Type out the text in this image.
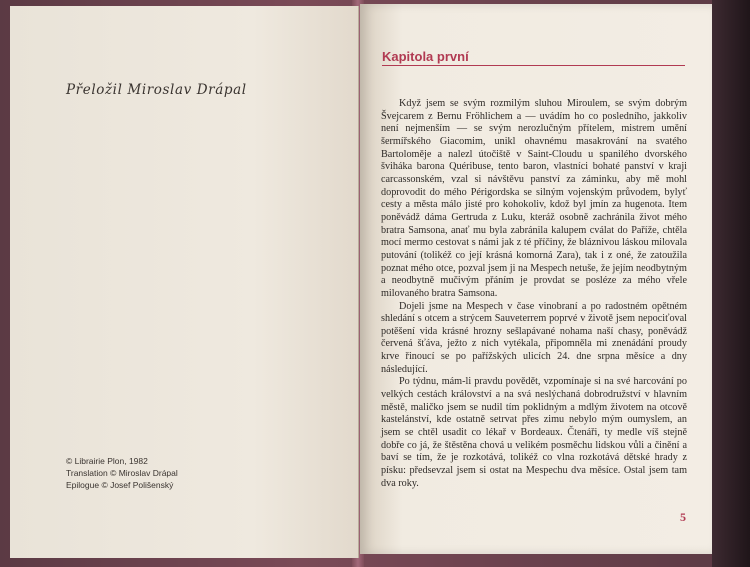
Přeložil Miroslav Drápal
© Librairie Plon, 1982
Translation © Miroslav Drápal
Epilogue © Josef Polišenský
Kapitola první

Když jsem se svým rozmilým sluhou Miroulem, se svým dobrým Švejcarem z Bernu Fröhlichem a — uvádím ho co posledního, jakkoliv není nejmenším — se svým nerozlučným přítelem, mistrem umění šermířského Giacomim, unikl ohavnému masakrování na svatého Bartoloměje a nalezl útočiště v Saint-Cloudu u spanilého dvorského šviháka barona Quéribuse, tento baron, vlastníci bohaté panství v kraji carcassonském, vzal si návštěvu panství za záminku, aby mě mohl doprovodit do mého Périgordska se silným vojenským průvodem, bylyť cesty a města málo jisté pro kohokoliv, kdož byl jmín za hugenota. Item poněvádž dáma Gertruda z Luku, kteráž osobně zachránila život mého bratra Samsona, anať mu byla zabránila kalupem cválat do Paříže, chtěla mocí mermo cestovat s námi jak z té příčiny, že bláznivou láskou milovala putování (tolikéž co její krásná komorná Zara), tak i z oné, že zatoužila poznat mého otce, pozval jsem ji na Mespech netuše, že jejím neodbytným a neodbytně mučivým přáním je provdat se posléze za mého vřele milovaného bratra Samsona.

Dojeli jsme na Mespech v čase vinobraní a po radostném opětném shledání s otcem a strýcem Sauveterrem poprvé v životě jsem nepociťoval potěšení vida krásné hrozny sešlapávané nohama naší chasy, poněvádž červená šťáva, ježto z nich vytékala, připomněla mi znenádání proudy krve řinoucí se po pařížských ulicích 24. dne srpna měsíce a dny následující.

Po týdnu, mám-li pravdu povědět, vzpomínaje si na své harcování po velkých cestách království a na svá neslýchaná dobrodružství v hlavním městě, maličko jsem se nudil tím poklidným a mdlým životem na otcově kastelánství, kde ostatně setrvat přes zimu nebylo mým oumyslem, an jsem se chtěl usadit co lékař v Bordeaux. Čtenáři, ty medle víš stejně dobře co já, že štěstěna chová u velikém posměchu lidskou vůli a činění a baví se tím, že je rozkotává, tolikéž co vlna rozkotává dětské hrady z písku: předsevzal jsem si ostat na Mespechu dva měsíce. Ostal jsem tam dva roky.

5
